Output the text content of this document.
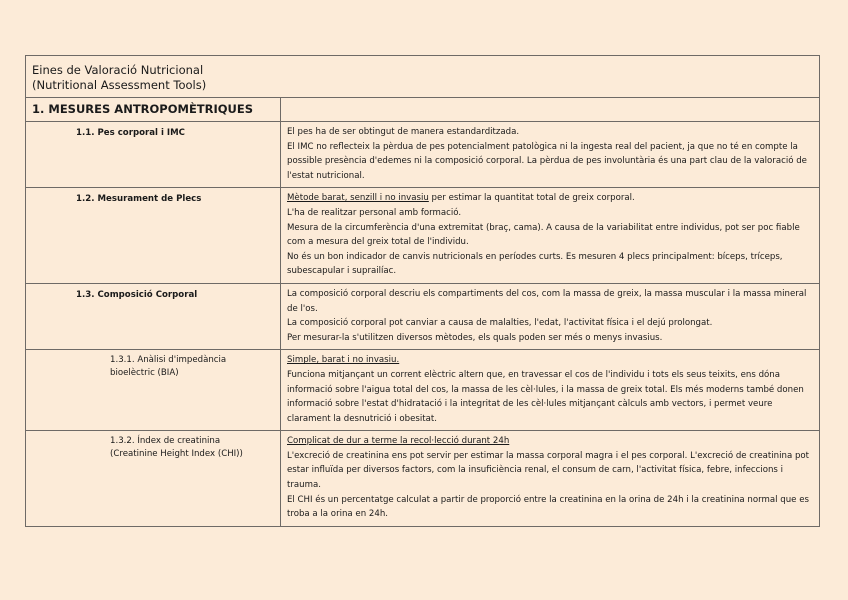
Eines de Valoració Nutricional
(Nutritional Assessment Tools)	

1. MESURES ANTROPOMÈTRIQUES	
1.1. Pes corporal i IMC	El pes ha de ser obtingut de manera estandarditzada.
El IMC no reflecteix la pèrdua de pes potencialment patològica ni la ingesta real del pacient, ja que no té en compte la possible presència d'edemes ni la composició corporal. La pèrdua de pes involuntària és una part clau de la valoració de l'estat nutricional.

1.2. Mesurament de Plecs	Mètode barat, senzill i no invasiu per estimar la quantitat total de greix corporal.
L'ha de realitzar personal amb formació.
Mesura de la circumferència d'una extremitat (braç, cama). A causa de la variabilitat entre individus, pot ser poc fiable com a mesura del greix total de l'individu.
No és un bon indicador de canvis nutricionals en períodes curts. Es mesuren 4 plecs principalment: bíceps, tríceps, subescapular i suprailíac.

1.3. Composició Corporal	La composició corporal descriu els compartiments del cos, com la massa de greix, la massa muscular i la massa mineral de l'os.
La composició corporal pot canviar a causa de malalties, l'edat, l'activitat física i el dejú prolongat.
Per mesurar-la s'utilitzen diversos mètodes, els quals poden ser més o menys invasius.

1.3.1. Anàlisi d'impedància
bioelèctric (BIA)	Simple, barat i no invasiu.
Funciona mitjançant un corrent elèctric altern que, en travessar el cos de l'individu i tots els seus teixits, ens dóna informació sobre l'aigua total del cos, la massa de les cèl·lules, i la massa de greix total. Els més moderns també donen informació sobre l'estat d'hidratació i la integritat de les cèl·lules mitjançant càlculs amb vectors, i permet veure clarament la desnutrició i obesitat.

1.3.2. Índex de creatinina
(Creatinine Height Index (CHI))	Complicat de dur a terme la recol·lecció durant 24h
L'excreció de creatinina ens pot servir per estimar la massa corporal magra i el pes corporal. L'excreció de creatinina pot estar influïda per diversos factors, com la insuficiència renal, el consum de carn, l'activitat física, febre, infeccions i trauma.
El CHI és un percentatge calculat a partir de proporció entre la creatinina en la orina de 24h i la creatinina normal que es troba a la orina en 24h.
